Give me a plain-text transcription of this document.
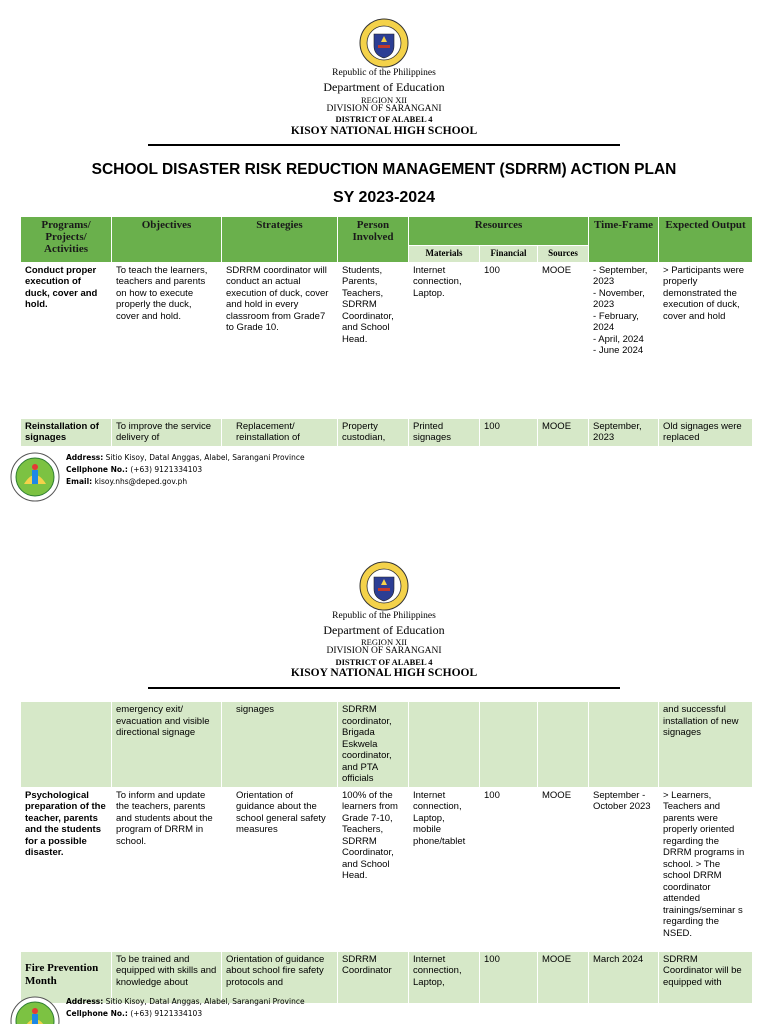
Republic of the Philippines
Department of Education
REGION XII
DIVISION OF SARANGANI
DISTRICT OF ALABEL 4
KISOY NATIONAL HIGH SCHOOL
SCHOOL DISASTER RISK REDUCTION MANAGEMENT (SDRRM) ACTION PLAN
SY 2023-2024
Programs/ Projects/ Activities	Objectives	Strategies	Person Involved	Resources			Time-Frame	Expected Output
				Materials	Financial	Sources		
Conduct proper execution of duck, cover and hold.	To teach the learners, teachers and parents on how to execute properly the duck, cover and hold.	SDRRM coordinator will conduct an actual execution of duck, cover and hold in every classroom from Grade7 to Grade 10.	Students, Parents, Teachers, SDRRM Coordinator, and School Head.	Internet connection, Laptop.	100	MOOE	- September, 2023
- November, 2023
- February, 2024
- April, 2024
- June 2024	> Participants were properly demonstrated the execution of duck, cover and hold
Reinstallation of signages	To improve the service delivery of	Replacement/ reinstallation of	Property custodian,	Printed signages	100	MOOE	September, 2023	Old signages were replaced
Address: Sitio Kisoy, Datal Anggas, Alabel, Sarangani Province
Cellphone No.: (+63) 9121334103
Email: kisoy.nhs@deped.gov.ph
Republic of the Philippines
Department of Education
REGION XII
DIVISION OF SARANGANI
DISTRICT OF ALABEL 4
KISOY NATIONAL HIGH SCHOOL
	emergency exit/ evacuation and visible directional signage	signages	SDRRM coordinator, Brigada Eskwela coordinator, and PTA officials					and successful installation of new signages
Psychological preparation of the teacher, parents and the students for a possible disaster.	To inform and update the teachers, parents and students about the program of DRRM in school.	Orientation of guidance about the school general safety measures	100% of the learners from Grade 7-10, Teachers, SDRRM Coordinator, and School Head.	Internet connection, Laptop, mobile phone/tablet	100	MOOE	September - October 2023	> Learners, Teachers and parents were properly oriented regarding the DRRM programs in school. > The school DRRM coordinator attended trainings/seminar s regarding the NSED.
Fire Prevention Month	To be trained and equipped with skills and knowledge about	Orientation of guidance about school fire safety protocols and	SDRRM Coordinator	Internet connection, Laptop,	100	MOOE	March 2024	SDRRM Coordinator will be equipped with
Address: Sitio Kisoy, Datal Anggas, Alabel, Sarangani Province
Cellphone No.: (+63) 9121334103
